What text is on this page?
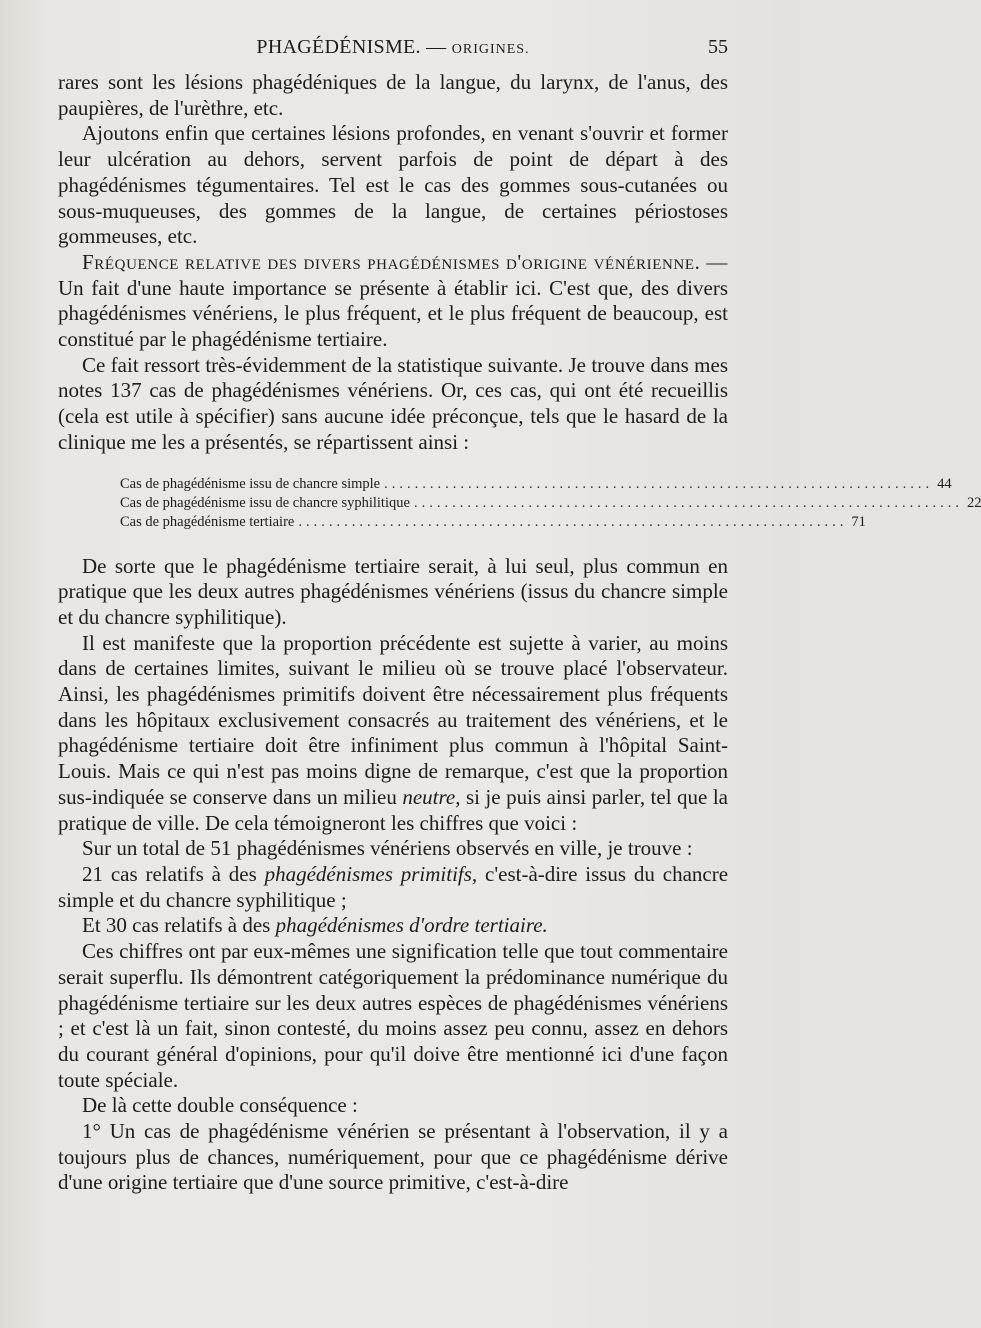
PHAGÉDÉNISME. — ORIGINES.	55

rares sont les lésions phagédéniques de la langue, du larynx, de l'anus, des paupières, de l'urèthre, etc.

Ajoutons enfin que certaines lésions profondes, en venant s'ouvrir et former leur ulcération au dehors, servent parfois de point de départ à des phagédénismes tégumentaires. Tel est le cas des gommes sous-cutanées ou sous-muqueuses, des gommes de la langue, de certaines périostoses gommeuses, etc.

Fréquence relative des divers phagédénismes d'origine vénérienne. — Un fait d'une haute importance se présente à établir ici. C'est que, des divers phagédénismes vénériens, le plus fréquent, et le plus fréquent de beaucoup, est constitué par le phagédénisme tertiaire.

Ce fait ressort très-évidemment de la statistique suivante. Je trouve dans mes notes 137 cas de phagédénismes vénériens. Or, ces cas, qui ont été recueillis (cela est utile à spécifier) sans aucune idée préconçue, tels que le hasard de la clinique me les a présentés, se répartissent ainsi :

Cas de phagédénisme issu de chancre simple ........................................................................ 44
Cas de phagédénisme issu de chancre syphilitique ........................................................................ 22
Cas de phagédénisme tertiaire ........................................................................ 71

De sorte que le phagédénisme tertiaire serait, à lui seul, plus commun en pratique que les deux autres phagédénismes vénériens (issus du chancre simple et du chancre syphilitique).

Il est manifeste que la proportion précédente est sujette à varier, au moins dans de certaines limites, suivant le milieu où se trouve placé l'observateur. Ainsi, les phagédénismes primitifs doivent être nécessairement plus fréquents dans les hôpitaux exclusivement consacrés au traitement des vénériens, et le phagédénisme tertiaire doit être infiniment plus commun à l'hôpital Saint-Louis. Mais ce qui n'est pas moins digne de remarque, c'est que la proportion sus-indiquée se conserve dans un milieu neutre, si je puis ainsi parler, tel que la pratique de ville. De cela témoigneront les chiffres que voici :

Sur un total de 51 phagédénismes vénériens observés en ville, je trouve :

21 cas relatifs à des phagédénismes primitifs, c'est-à-dire issus du chancre simple et du chancre syphilitique ;

Et 30 cas relatifs à des phagédénismes d'ordre tertiaire.

Ces chiffres ont par eux-mêmes une signification telle que tout commentaire serait superflu. Ils démontrent catégoriquement la prédominance numérique du phagédénisme tertiaire sur les deux autres espèces de phagédénismes vénériens ; et c'est là un fait, sinon contesté, du moins assez peu connu, assez en dehors du courant général d'opinions, pour qu'il doive être mentionné ici d'une façon toute spéciale.

De là cette double conséquence :

1° Un cas de phagédénisme vénérien se présentant à l'observation, il y a toujours plus de chances, numériquement, pour que ce phagédénisme dérive d'une origine tertiaire que d'une source primitive, c'est-à-dire
